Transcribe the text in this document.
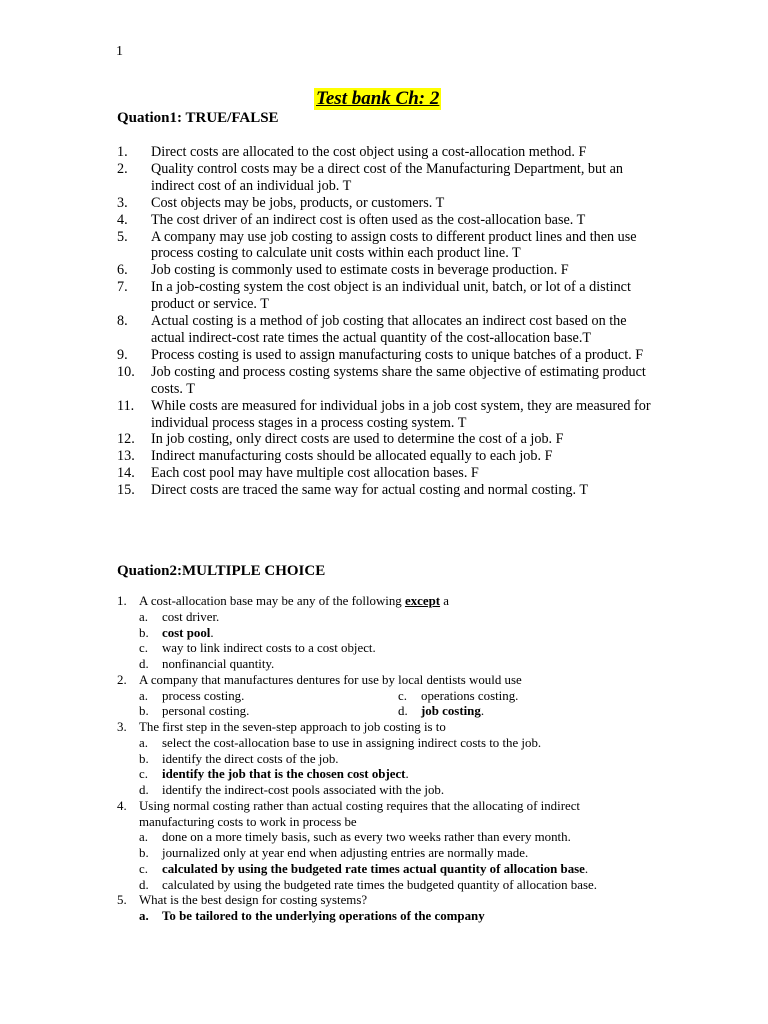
1
Test bank Ch: 2
Quation1: TRUE/FALSE
1.	Direct costs are allocated to the cost object using a cost-allocation method. F
2.	Quality control costs may be a direct cost of the Manufacturing Department, but an indirect cost of an individual job. T
3.	Cost objects may be jobs, products, or customers. T
4.	The cost driver of an indirect cost is often used as the cost-allocation base. T
5.	A company may use job costing to assign costs to different product lines and then use process costing to calculate unit costs within each product line. T
6.	Job costing is commonly used to estimate costs in beverage production. F
7.	In a job-costing system the cost object is an individual unit, batch, or lot of a distinct product or service. T
8.	Actual costing is a method of job costing that allocates an indirect cost based on the actual indirect-cost rate times the actual quantity of the cost-allocation base.T
9.	Process costing is used to assign manufacturing costs to unique batches of a product. F
10.	Job costing and process costing systems share the same objective of estimating product costs. T
11.	While costs are measured for individual jobs in a job cost system, they are measured for individual process stages in a process costing system. T
12.	In job costing, only direct costs are used to determine the cost of a job. F
13.	Indirect manufacturing costs should be allocated equally to each job. F
14.	Each cost pool may have multiple cost allocation bases. F
15.	Direct costs are traced the same way for actual costing and normal costing. T
Quation2:MULTIPLE CHOICE
1. A cost-allocation base may be any of the following except a
a.	cost driver.
b.	cost pool.
c.	way to link indirect costs to a cost object.
d.	nonfinancial quantity.
2. A company that manufactures dentures for use by local dentists would use
a.	process costing.	c.	operations costing.
b.	personal costing.	d.	job costing.
3. The first step in the seven-step approach to job costing is to
a.	select the cost-allocation base to use in assigning indirect costs to the job.
b.	identify the direct costs of the job.
c.	identify the job that is the chosen cost object.
d.	identify the indirect-cost pools associated with the job.
4. Using normal costing rather than actual costing requires that the allocating of indirect manufacturing costs to work in process be
a.	done on a more timely basis, such as every two weeks rather than every month.
b.	journalized only at year end when adjusting entries are normally made.
c.	calculated by using the budgeted rate times actual quantity of allocation base.
d.	calculated by using the budgeted rate times the budgeted quantity of allocation base.
5. What is the best design for costing systems?
a.	To be tailored to the underlying operations of the company
